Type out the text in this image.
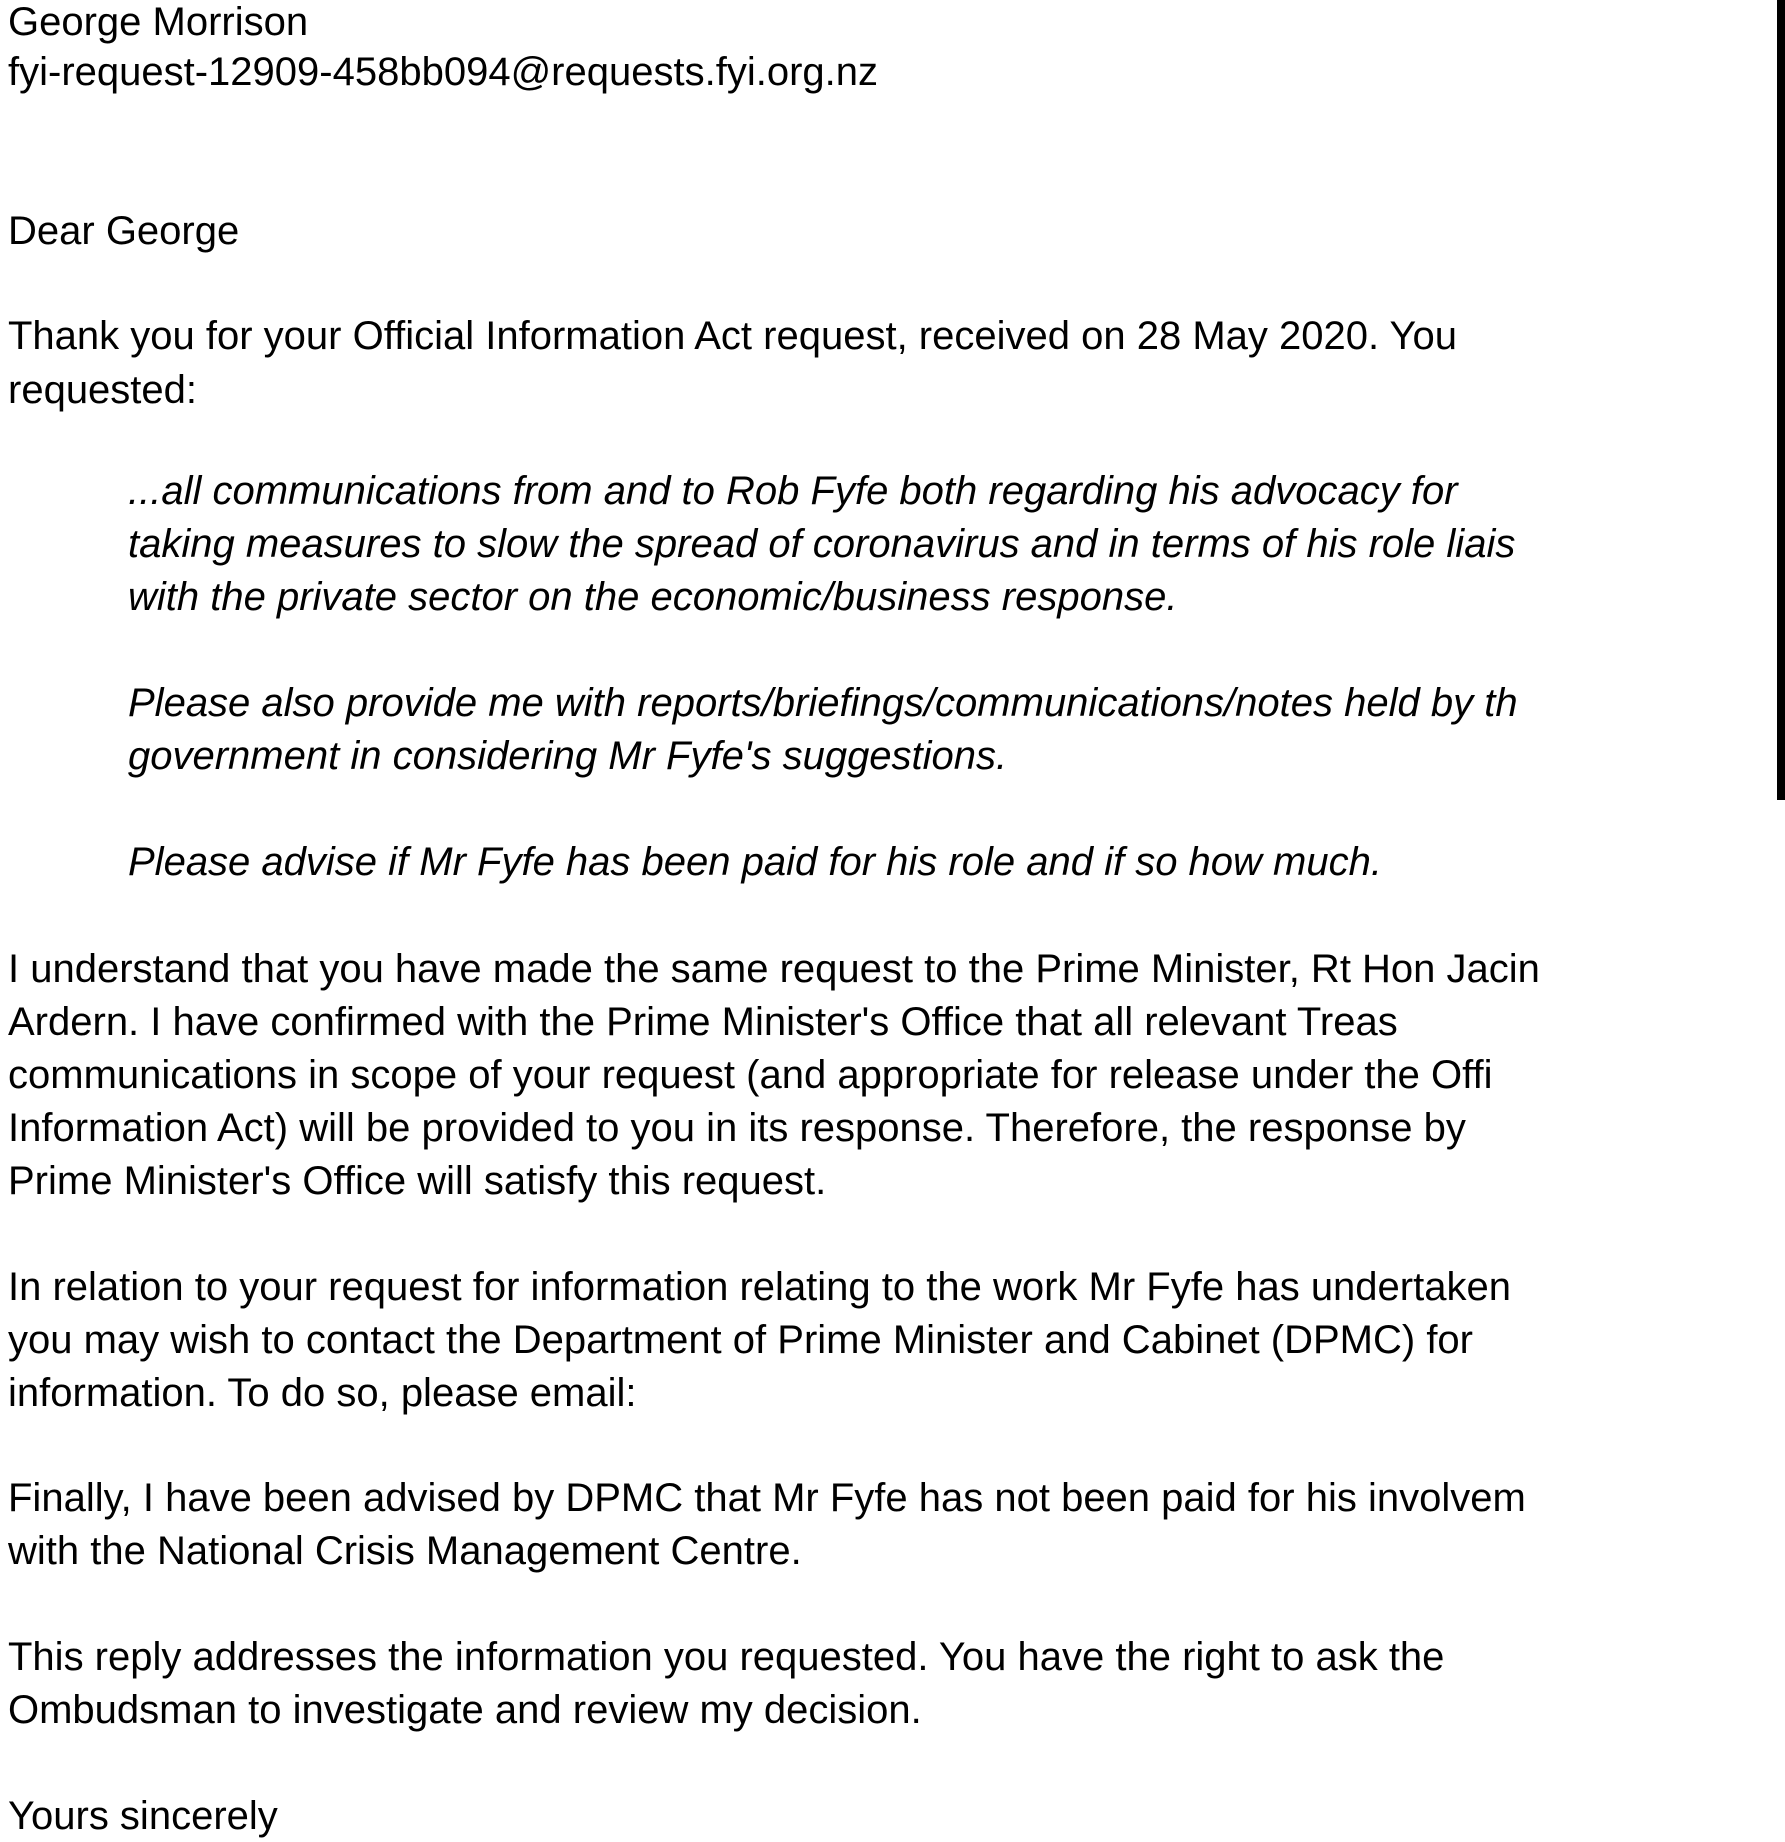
George Morrison
fyi-request-12909-458bb094@requests.fyi.org.nz
Dear George
Thank you for your Official Information Act request, received on 28 May 2020. You
requested:
...all communications from and to Rob Fyfe both regarding his advocacy for
taking measures to slow the spread of coronavirus and in terms of his role liais
with the private sector on the economic/business response.
Please also provide me with reports/briefings/communications/notes held by th
government in considering Mr Fyfe's suggestions.
Please advise if Mr Fyfe has been paid for his role and if so how much.
I understand that you have made the same request to the Prime Minister, Rt Hon Jacin
Ardern. I have confirmed with the Prime Minister's Office that all relevant Treas
communications in scope of your request (and appropriate for release under the Offi
Information Act) will be provided to you in its response. Therefore, the response by
Prime Minister's Office will satisfy this request.
In relation to your request for information relating to the work Mr Fyfe has undertaken
you may wish to contact the Department of Prime Minister and Cabinet (DPMC) for
information. To do so, please email:
Finally, I have been advised by DPMC that Mr Fyfe has not been paid for his involvem
with the National Crisis Management Centre.
This reply addresses the information you requested. You have the right to ask the
Ombudsman to investigate and review my decision.
Yours sincerely
